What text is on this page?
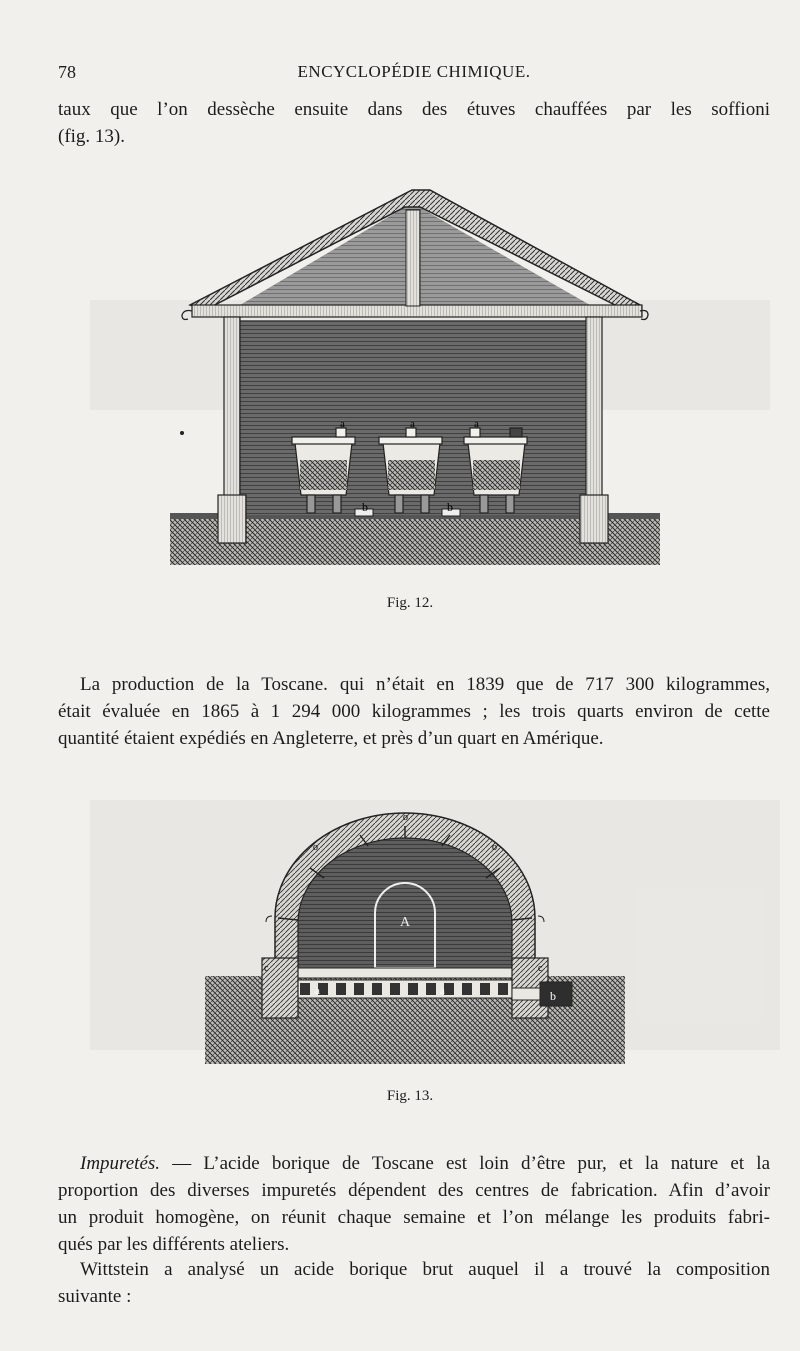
78	ENCYCLOPÉDIE CHIMIQUE.
taux que l’on dessèche ensuite dans des étuves chauffées par les soffioni
(fig. 13).
a	a	a
b	b
Fig. 12.
La production de la Toscane. qui n’était en 1839 que de 717 300 kilogrammes,
était évaluée en 1865 à 1 294 000 kilogrammes ; les trois quarts environ de cette
quantité étaient expédiés en Angleterre, et près d’un quart en Amérique.
A
o
o	o
c	c
a	a	b
Fig. 13.
Impuretés. — L’acide borique de Toscane est loin d’être pur, et la nature et la
proportion des diverses impuretés dépendent des centres de fabrication. Afin d’avoir
un produit homogène, on réunit chaque semaine et l’on mélange les produits fabri-
qués par les différents ateliers.
Wittstein a analysé un acide borique brut auquel il a trouvé la composition
suivante :
